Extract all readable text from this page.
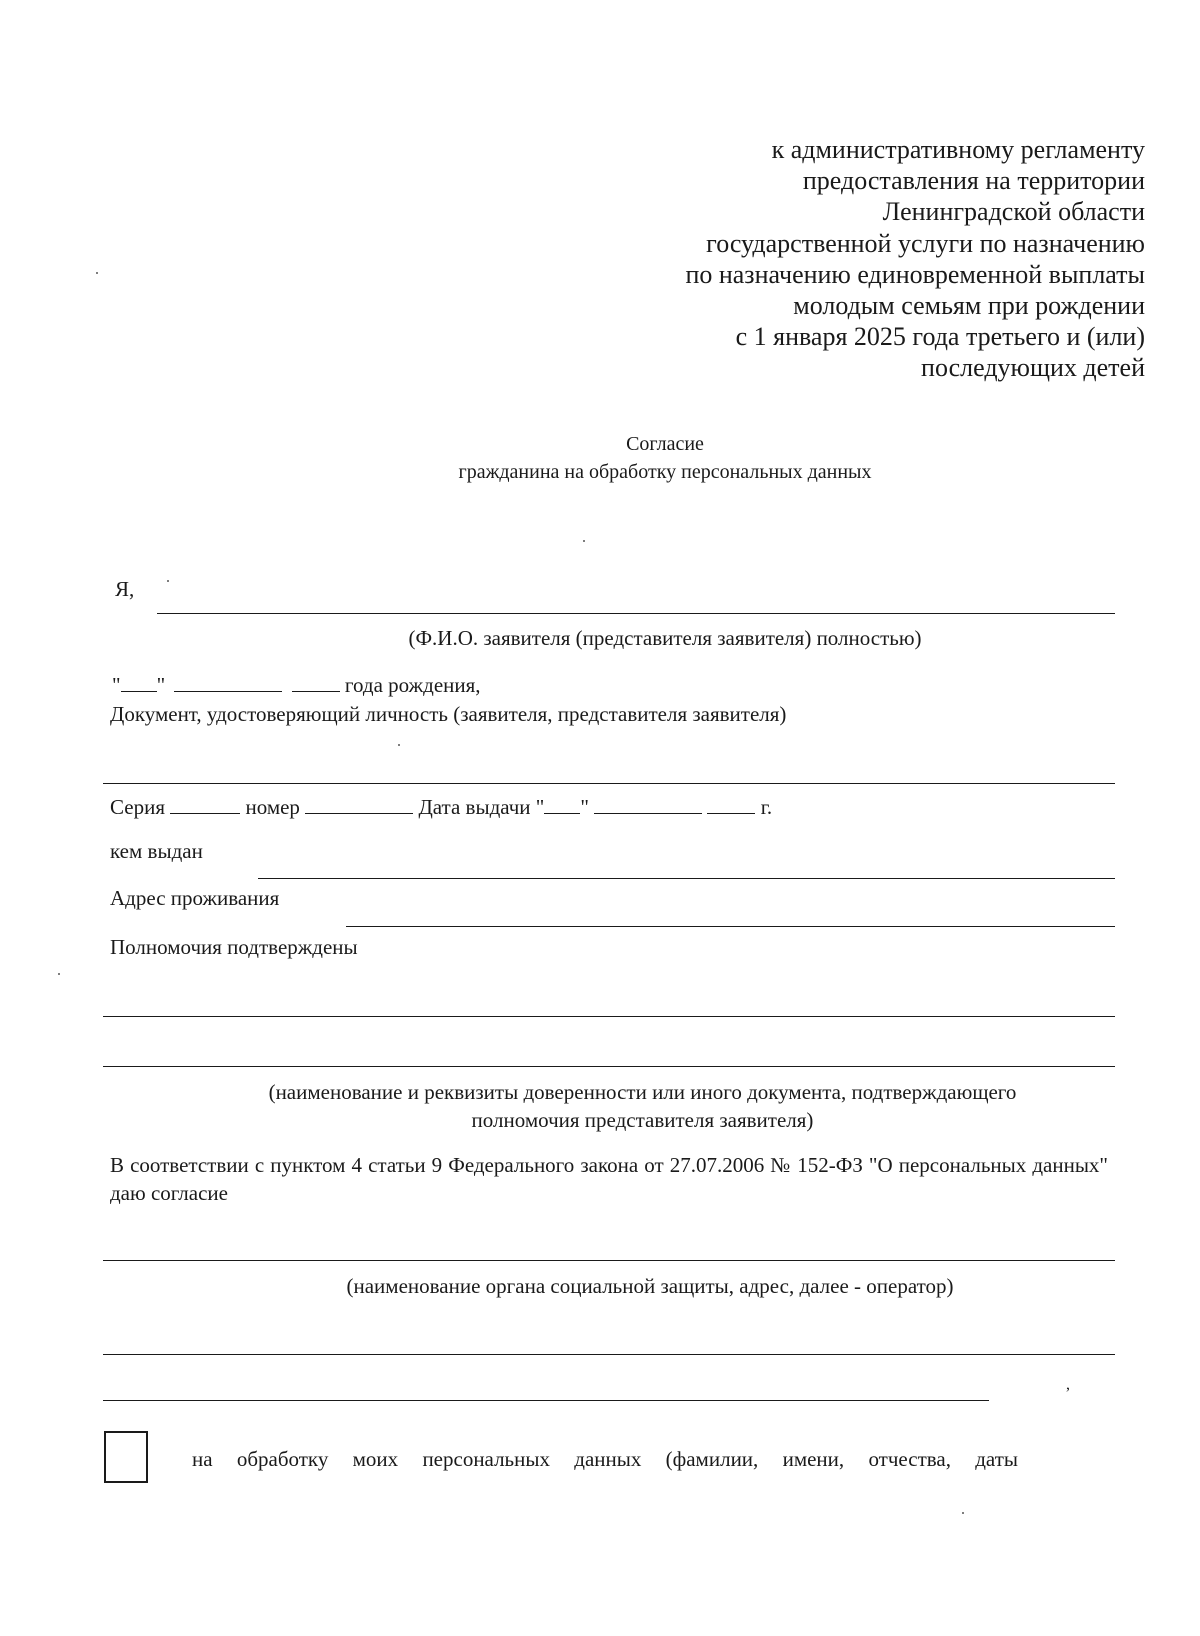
к административному регламенту
предоставления на территории
Ленинградской области
государственной услуги по назначению
по назначению единовременной выплаты
молодым семьям при рождении
с 1 января 2025 года третьего и (или)
последующих детей
Согласие
гражданина на обработку персональных данных
Я,
(Ф.И.О. заявителя (представителя заявителя) полностью)
" "	года рождения,
Документ, удостоверяющий личность (заявителя, представителя заявителя)
Серия	номер	Дата выдачи " "	г.
кем выдан
Адрес проживания
Полномочия подтверждены
(наименование и реквизиты доверенности или иного документа, подтверждающего
полномочия представителя заявителя)
В соответствии с пунктом 4 статьи 9 Федерального закона от 27.07.2006 № 152-ФЗ "О персональных данных" даю согласие
(наименование органа социальной защиты, адрес, далее - оператор)
,
на обработку моих персональных данных (фамилии, имени, отчества, даты
